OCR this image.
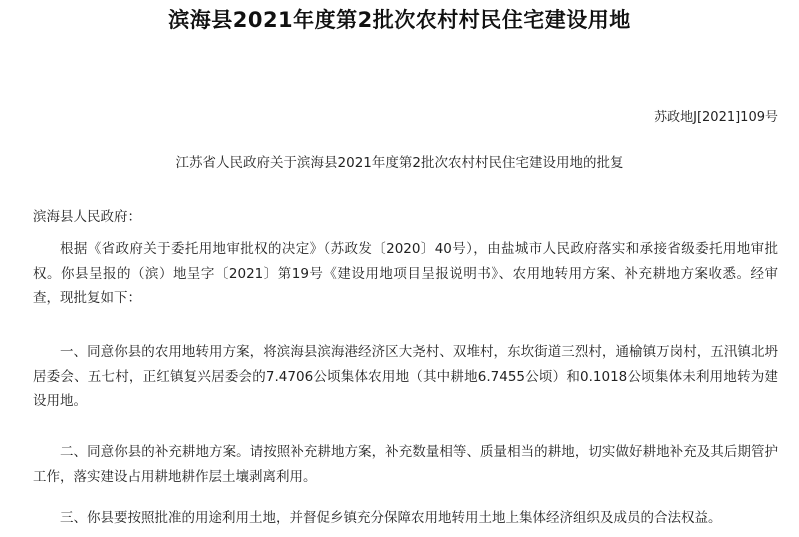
滨海县2021年度第2批次农村村民住宅建设用地
苏政地J[2021]109号
江苏省人民政府关于滨海县2021年度第2批次农村村民住宅建设用地的批复
滨海县人民政府：
根据《省政府关于委托用地审批权的决定》（苏政发〔2020〕40号），由盐城市人民政府落实和承接省级委托用地审批权。你县呈报的（滨）地呈字〔2021〕第19号《建设用地项目呈报说明书》、农用地转用方案、补充耕地方案收悉。经审查，现批复如下：
一、同意你县的农用地转用方案，将滨海县滨海港经济区大尧村、双堆村，东坎街道三烈村，通榆镇万岗村，五汛镇北坍居委会、五七村，正红镇复兴居委会的7.4706公顷集体农用地（其中耕地6.7455公顷）和0.1018公顷集体未利用地转为建设用地。
二、同意你县的补充耕地方案。请按照补充耕地方案，补充数量相等、质量相当的耕地，切实做好耕地补充及其后期管护工作，落实建设占用耕地耕作层土壤剥离利用。
三、你县要按照批准的用途利用土地，并督促乡镇充分保障农用地转用土地上集体经济组织及成员的合法权益。
